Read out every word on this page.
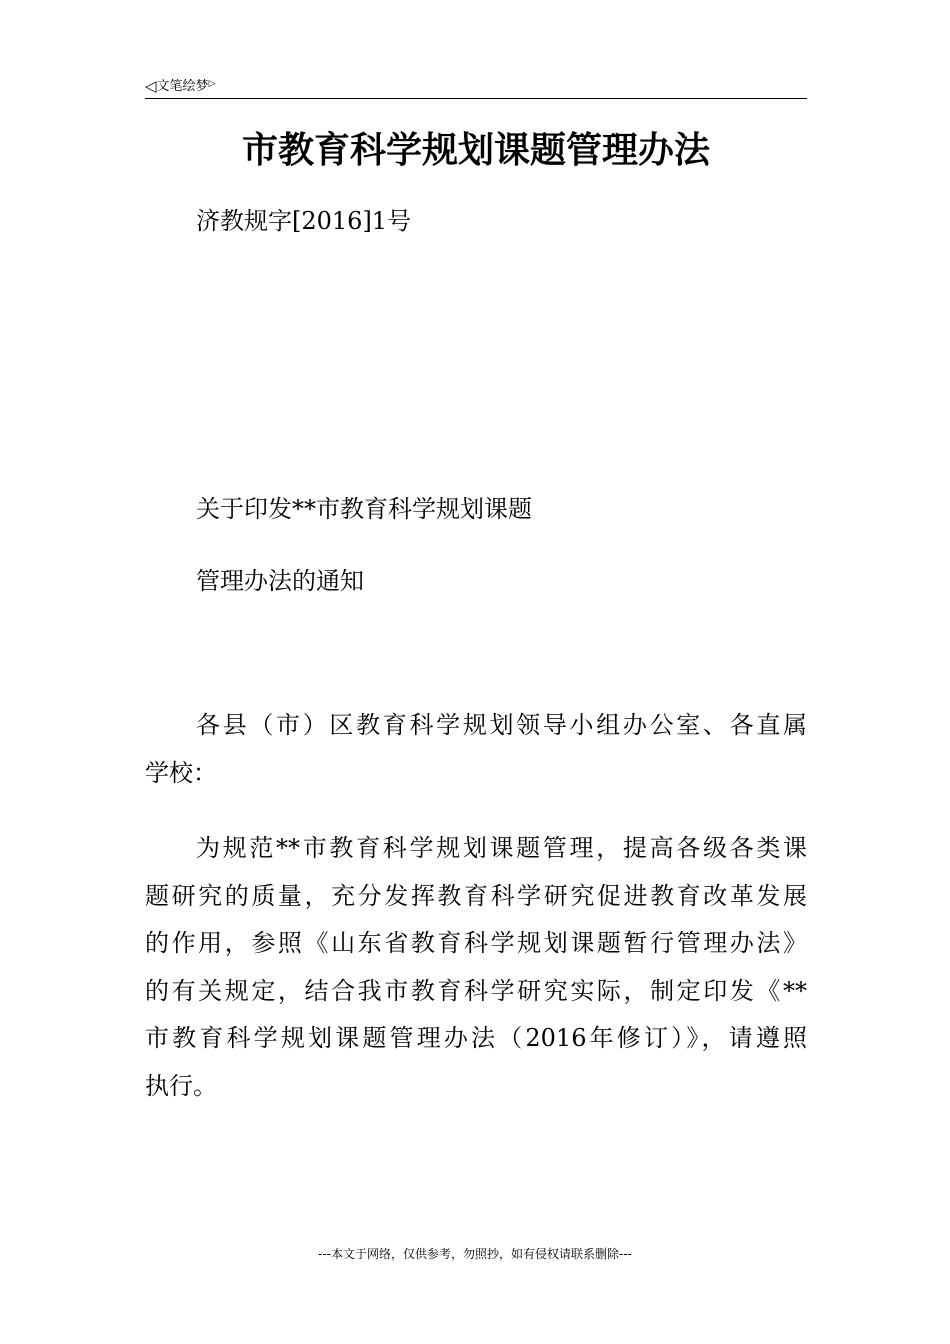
◁文笔绘梦▷
市教育科学规划课题管理办法

济教规字[2016]1号

关于印发**市教育科学规划课题

管理办法的通知

各县（市）区教育科学规划领导小组办公室、各直属
学校：
为规范**市教育科学规划课题管理，提高各级各类课
题研究的质量，充分发挥教育科学研究促进教育改革发展
的作用，参照《山东省教育科学规划课题暂行管理办法》
的有关规定，结合我市教育科学研究实际，制定印发《**
市教育科学规划课题管理办法（2016年修订）》，请遵照
执行。
---本文于网络，仅供参考，勿照抄，如有侵权请联系删除---
